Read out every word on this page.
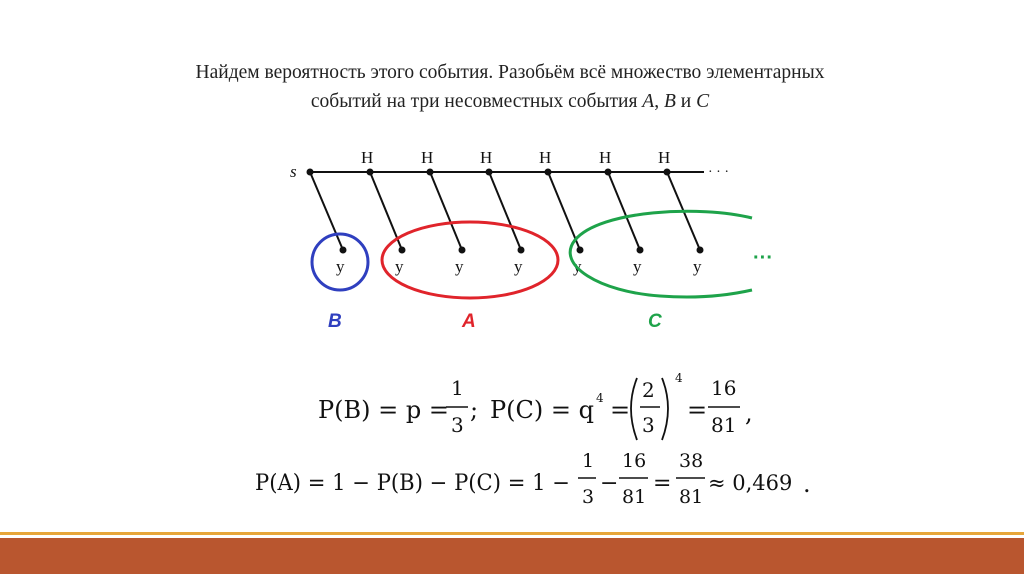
Найдем вероятность этого события. Разобьём всё множество элементарных
событий на три несовместных события A, B и C
s
Н	Н	Н	Н	Н	Н
· · ·
у	у	у	у	у	у	у	···
B	A	C
P(B) = p =
1
3
; P(C) = q 4 =
2
3
4
=
16
81 ,
P(A) = 1 − P(B) − P(C) = 1 −
1
3
−
16
81
=
38
81
≈ 0,469 .
